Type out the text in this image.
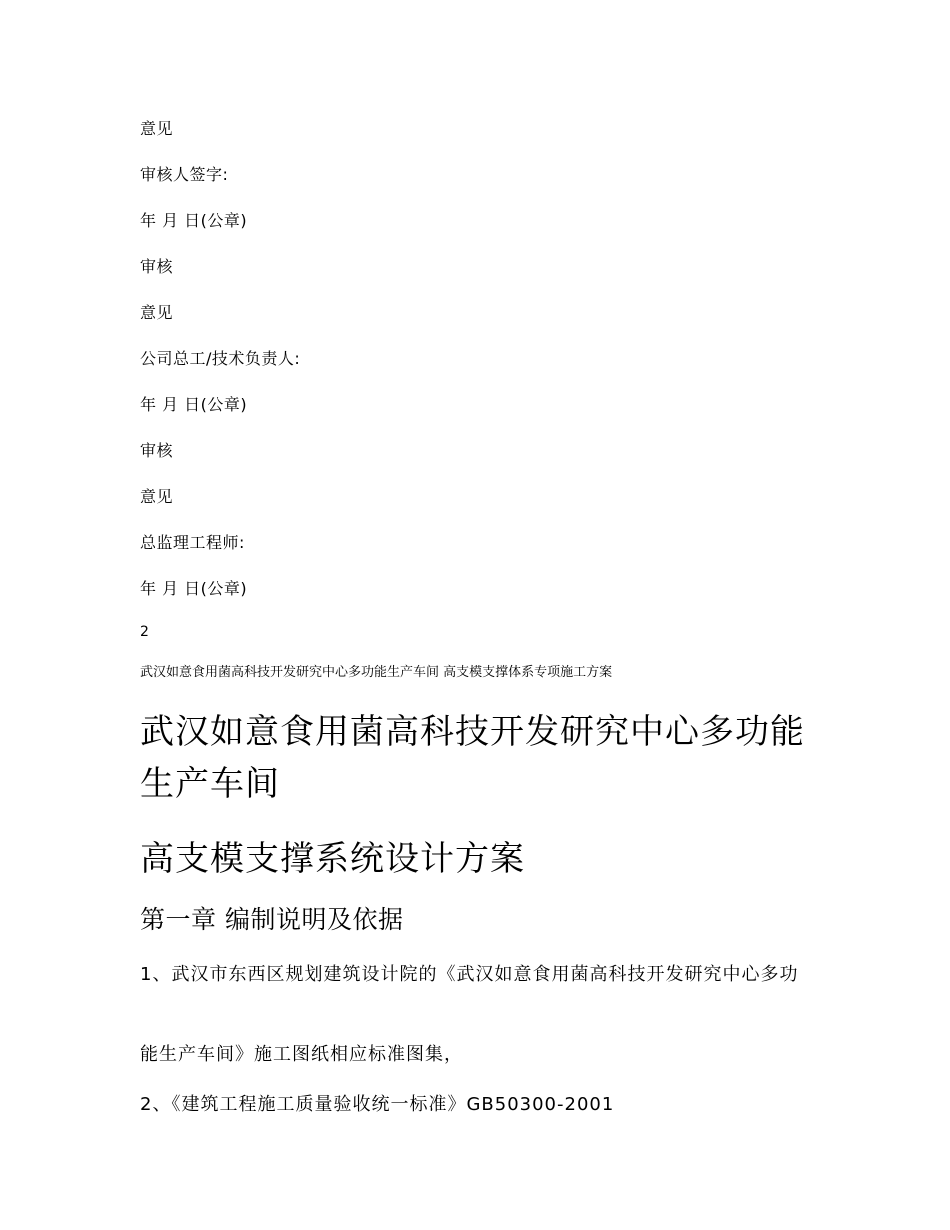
意见
审核人签字:
年 月 日(公章)
审核
意见
公司总工/技术负责人:
年 月 日(公章)
审核
意见
总监理工程师:
年 月 日(公章)
2
武汉如意食用菌高科技开发研究中心多功能生产车间 高支模支撑体系专项施工方案
武汉如意食用菌高科技开发研究中心多功能生产车间
高支模支撑系统设计方案
第一章 编制说明及依据
1、武汉市东西区规划建筑设计院的《武汉如意食用菌高科技开发研究中心多功
能生产车间》施工图纸相应标准图集，
2、《建筑工程施工质量验收统一标准》GB50300-2001
